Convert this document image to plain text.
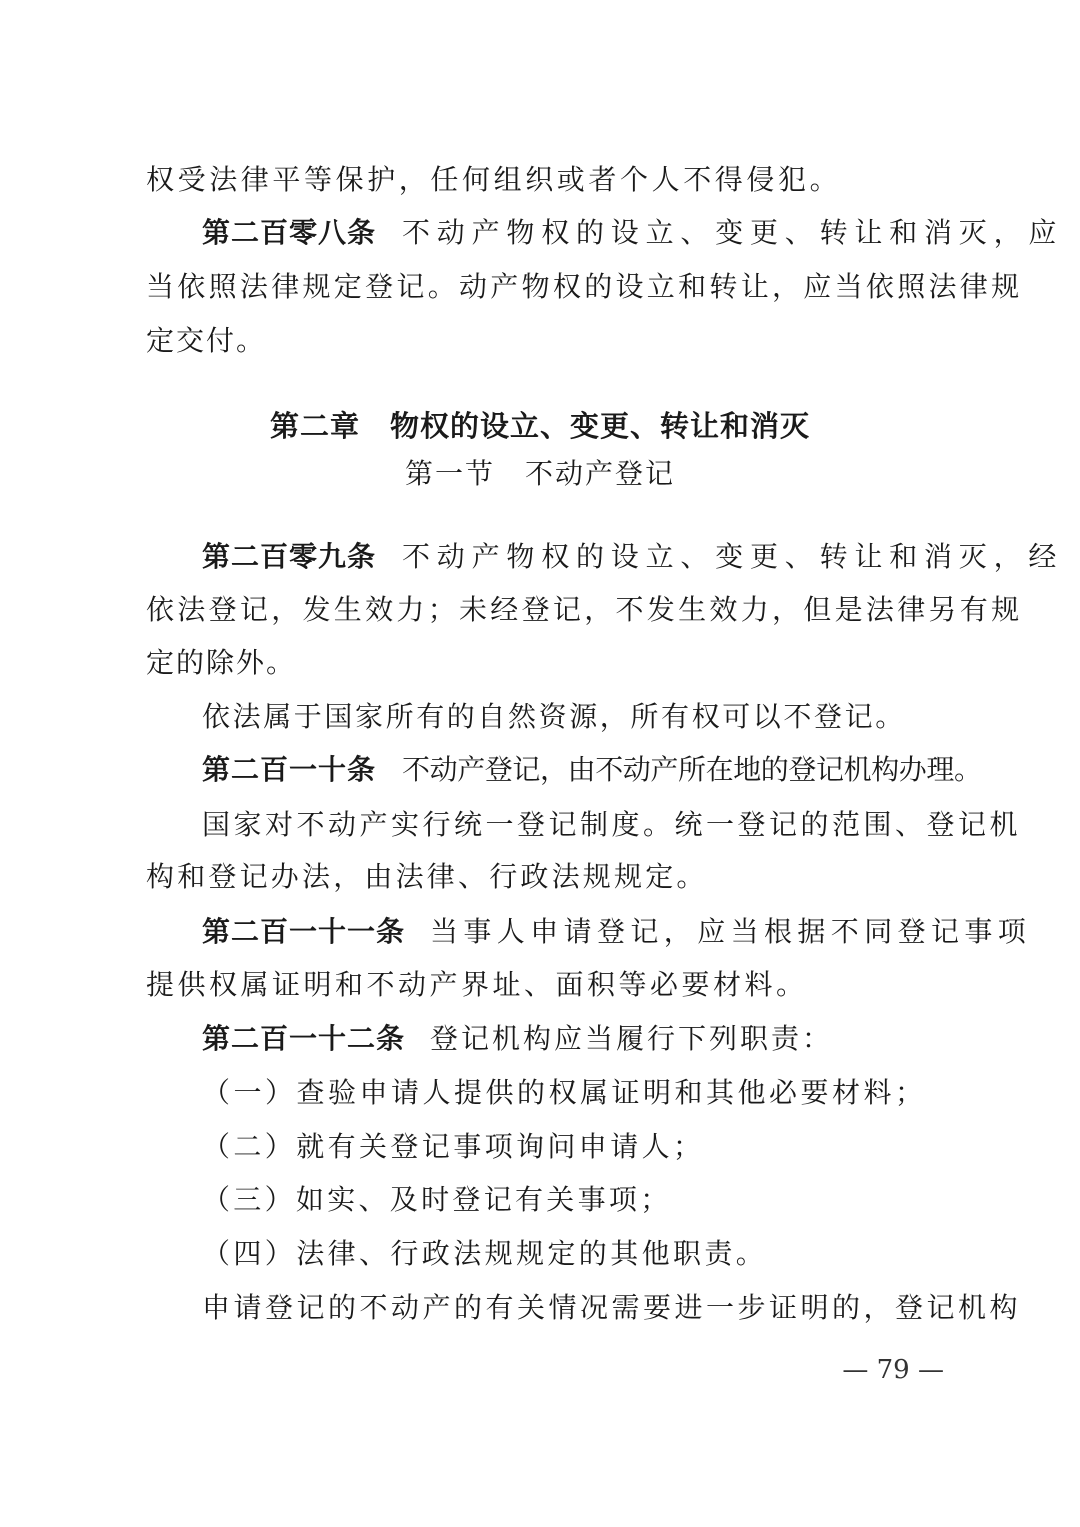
权受法律平等保护，任何组织或者个人不得侵犯。
第二百零八条 不动产物权的设立、变更、转让和消灭，应
当依照法律规定登记。动产物权的设立和转让，应当依照法律规
定交付。
第二章　物权的设立、变更、转让和消灭
第一节　不动产登记
第二百零九条 不动产物权的设立、变更、转让和消灭，经
依法登记，发生效力；未经登记，不发生效力，但是法律另有规
定的除外。
依法属于国家所有的自然资源，所有权可以不登记。
第二百一十条 不动产登记，由不动产所在地的登记机构办理。
国家对不动产实行统一登记制度。统一登记的范围、登记机
构和登记办法，由法律、行政法规规定。
第二百一十一条 当事人申请登记，应当根据不同登记事项
提供权属证明和不动产界址、面积等必要材料。
第二百一十二条 登记机构应当履行下列职责：
（一）查验申请人提供的权属证明和其他必要材料；
（二）就有关登记事项询问申请人；
（三）如实、及时登记有关事项；
（四）法律、行政法规规定的其他职责。
申请登记的不动产的有关情况需要进一步证明的，登记机构
— 79 —
